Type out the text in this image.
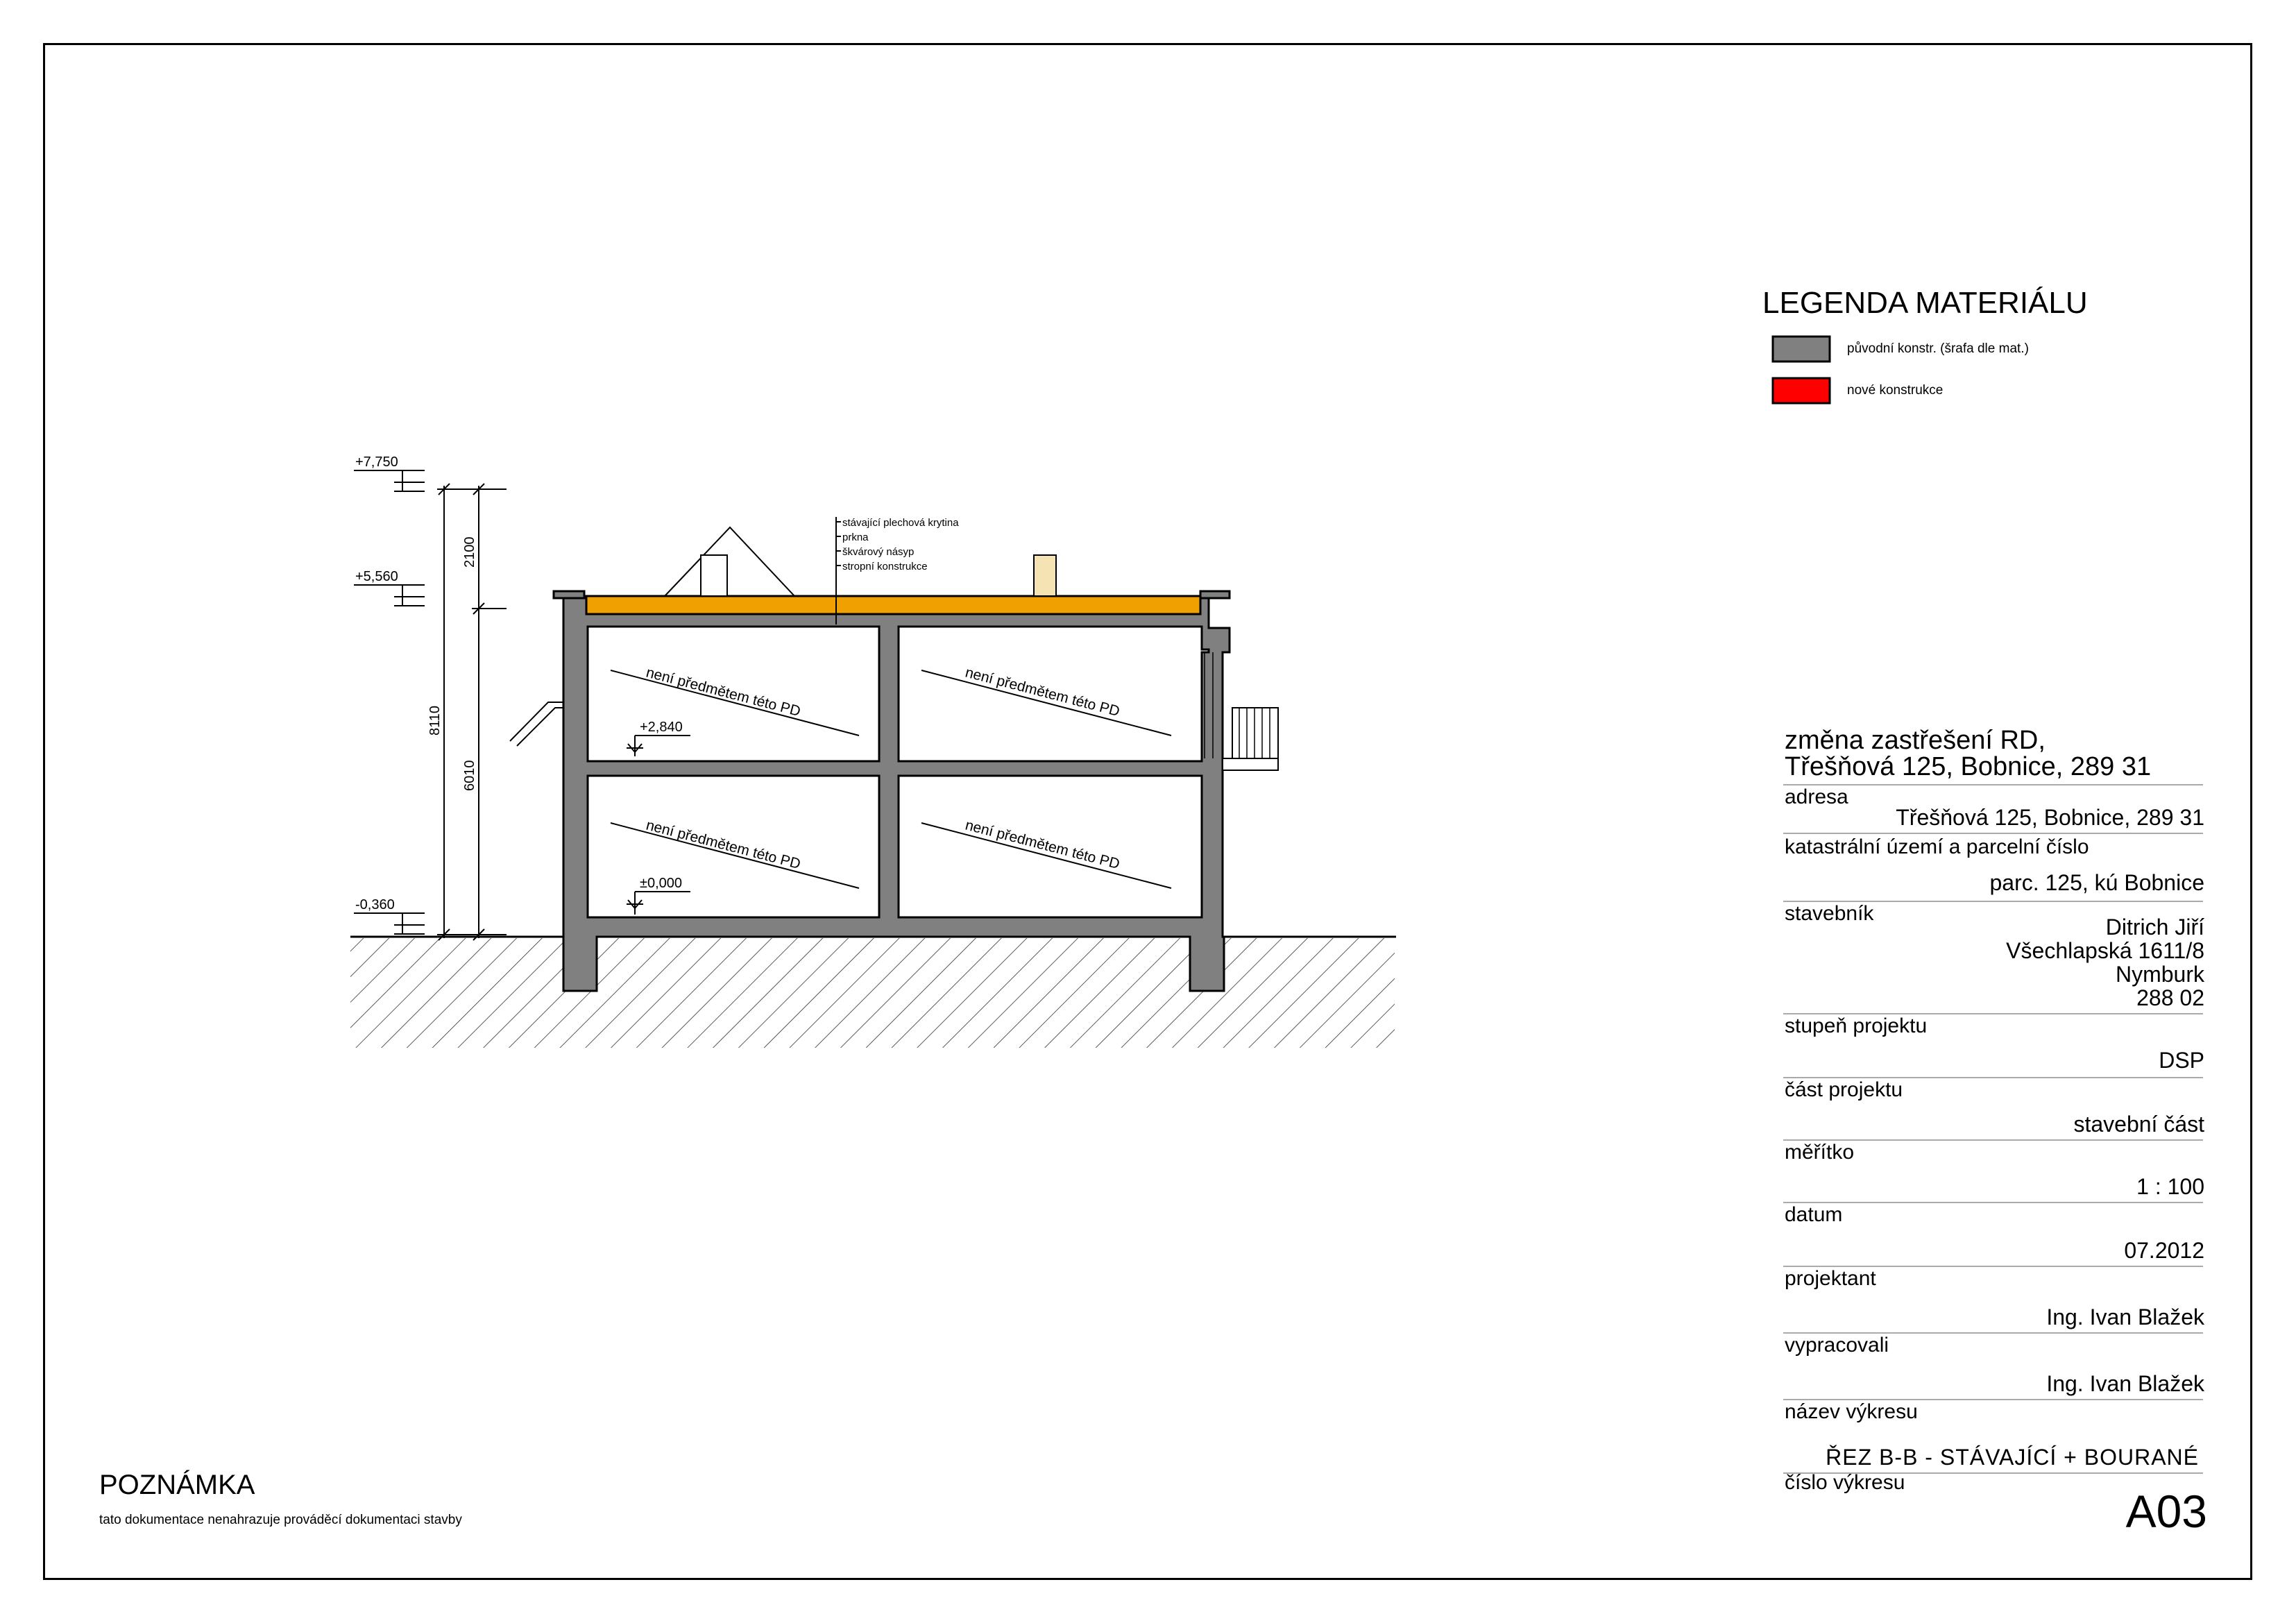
+7,750
+5,560
-0,360
+2,840
±0,000
2100
8110
6010
stávající plechová krytina
prkna
škvárový násyp
stropní konstrukce
není předmětem této PD	není předmětem této PD
není předmětem této PD	není předmětem této PD
LEGENDA MATERIÁLU
původní konstr. (šrafa dle mat.)
nové konstrukce
změna zastřešení RD,
Třešňová 125, Bobnice, 289 31
adresa
Třešňová 125, Bobnice, 289 31
katastrální území a parcelní číslo
parc. 125, kú Bobnice
stavebník
Ditrich Jiří
Všechlapská 1611/8
Nymburk
288 02
stupeň projektu
DSP
část projektu
stavební část
měřítko
1 : 100
datum
07.2012
projektant
Ing. Ivan Blažek
vypracovali
Ing. Ivan Blažek
název výkresu
ŘEZ B-B - STÁVAJÍCÍ + BOURANÉ
číslo výkresu
A03
POZNÁMKA
tato dokumentace nenahrazuje prováděcí dokumentaci stavby
